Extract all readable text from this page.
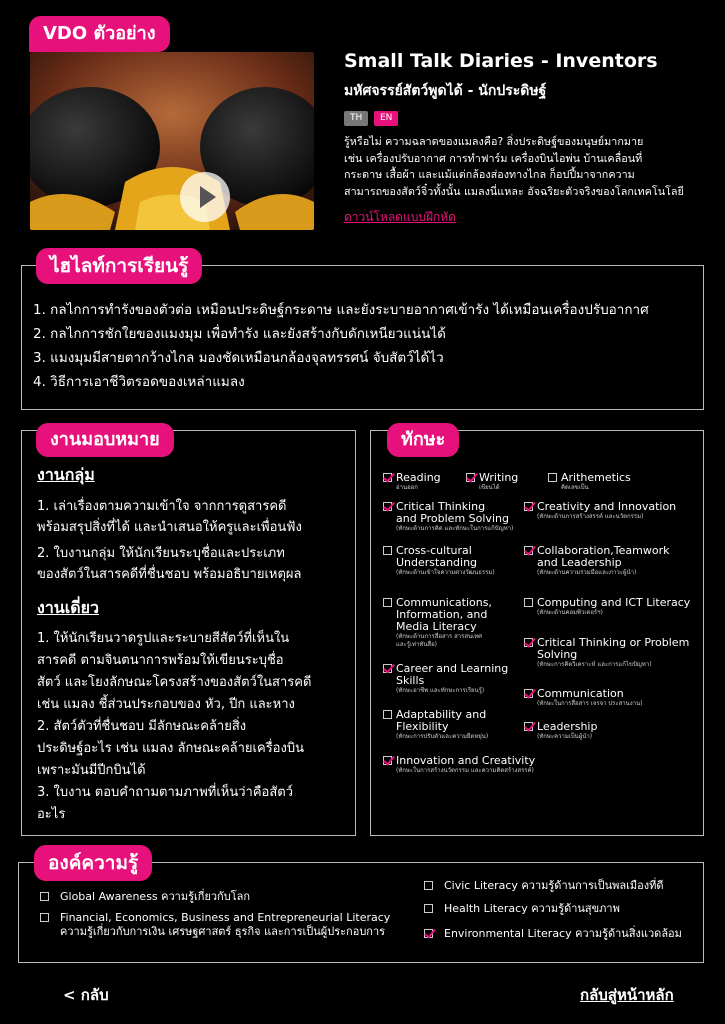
VDO ตัวอย่าง
Small Talk Diaries - Inventors
มหัศจรรย์สัตว์พูดได้ - นักประดิษฐ์
TH	EN
รู้หรือไม่ ความฉลาดของแมลงคือ? สิ่งประดิษฐ์ของมนุษย์มากมาย
เช่น เครื่องปรับอากาศ การทำฟาร์ม เครื่องบินไอพ่น บ้านเคลื่อนที่
กระดาษ เสื้อผ้า และแม้แต่กล้องส่องทางไกล ก็อปปี้มาจากความ
สามารถของสัตว์จิ๋วทั้งนั้น แมลงนี่แหละ อัจฉริยะตัวจริงของโลกเทคโนโลยี
ดาวน์โหลดแบบฝึกหัด
ไฮไลท์การเรียนรู้
1. กลไกการทำรังของตัวต่อ เหมือนประดิษฐ์กระดาษ และยังระบายอากาศเข้ารัง ได้เหมือนเครื่องปรับอากาศ
2. กลไกการชักใยของแมงมุม เพื่อทำรัง และยังสร้างกับดักเหนียวแน่นได้
3. แมงมุมมีสายตากว้างไกล มองชัดเหมือนกล้องจุลทรรศน์ จับสัตว์ได้ไว
4. วิธีการเอาชีวิตรอดของเหล่าแมลง
งานมอบหมาย
งานกลุ่ม
1. เล่าเรื่องตามความเข้าใจ จากการดูสารคดี
พร้อมสรุปสิ่งที่ได้ และนำเสนอให้ครูและเพื่อนฟัง
2. ใบงานกลุ่ม ให้นักเรียนระบุชื่อและประเภท
ของสัตว์ในสารคดีที่ชื่นชอบ พร้อมอธิบายเหตุผล
งานเดี่ยว
1. ให้นักเรียนวาดรูปและระบายสีสัตว์ที่เห็นใน
สารคดี ตามจินตนาการพร้อมให้เขียนระบุชื่อ
สัตว์ และโยงลักษณะโครงสร้างของสัตว์ในสารคดี
เช่น แมลง ชี้ส่วนประกอบของ หัว, ปีก และหาง
2. สัตว์ตัวที่ชื่นชอบ มีลักษณะคล้ายสิ่ง
ประดิษฐ์อะไร เช่น แมลง ลักษณะคล้ายเครื่องบิน
เพราะมันมีปีกบินได้
3. ใบงาน ตอบคำถามตามภาพที่เห็นว่าคือสัตว์
อะไร
ทักษะ
Reading
อ่านออก
Writing
เขียนได้
Arithemetics
คิดเลขเป็น
Critical Thinking
and Problem Solving
(ทักษะด้านการคิด และทักษะในการแก้ปัญหา)
Creativity and Innovation
(ทักษะด้านการสร้างสรรค์ และนวัตกรรม)
Cross-cultural
Understanding
(ทักษะด้านเข้าใจความต่างวัฒนธรรม)
Collaboration,Teamwork
and Leadership
(ทักษะด้านความร่วมมือและภาวะผู้นำ)
Communications,
Information, and
Media Literacy
(ทักษะด้านการสื่อสาร สารสนเทศ
และรู้เท่าทันสื่อ)
Computing and ICT Literacy
(ทักษะด้านคอมพิวเตอร์ฯ)
Critical Thinking or Problem
Solving
(ทักษะการคิดวิเคราะห์ และการแก้ไขปัญหา)
Career and Learning
Skills
(ทักษะอาชีพ และทักษะการเรียนรู้)	Communication
(ทักษะในการสื่อสาร เจรจา ประสานงาน)
Adaptability and
Flexibility
(ทักษะการปรับตัวและความยืดหยุ่น)
Leadership
(ทักษะความเป็นผู้นำ)
Innovation and Creativity
(ทักษะในการสร้างนวัตกรรม และความคิดสร้างสรรค์)
องค์ความรู้
Global Awareness ความรู้เกี่ยวกับโลก
Financial, Economics, Business and Entrepreneurial Literacy
ความรู้เกี่ยวกับการเงิน เศรษฐศาสตร์ ธุรกิจ และการเป็นผู้ประกอบการ
Civic Literacy ความรู้ด้านการเป็นพลเมืองที่ดี
Health Literacy ความรู้ด้านสุขภาพ
Environmental Literacy ความรู้ด้านสิ่งแวดล้อม
< กลับ	กลับสู่หน้าหลัก
